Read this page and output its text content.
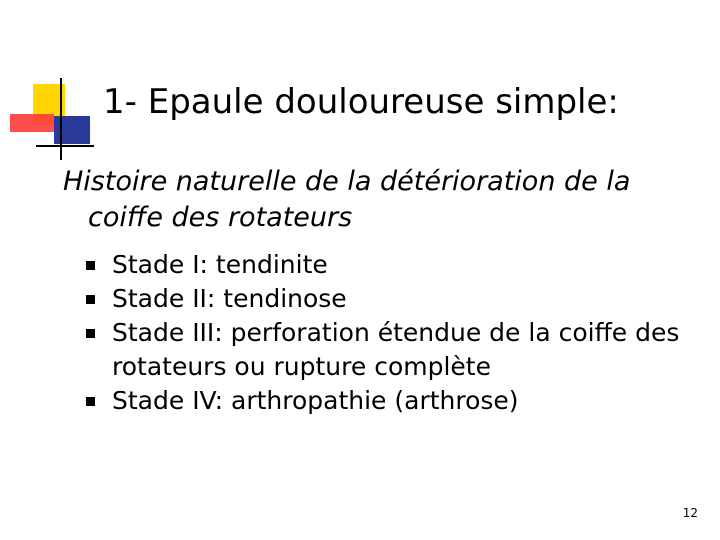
1- Epaule douloureuse simple:
Histoire naturelle de la détérioration de la coiffe des rotateurs
Stade I: tendinite
Stade II: tendinose
Stade III: perforation étendue de la coiffe des rotateurs ou rupture complète
Stade IV: arthropathie (arthrose)
12
